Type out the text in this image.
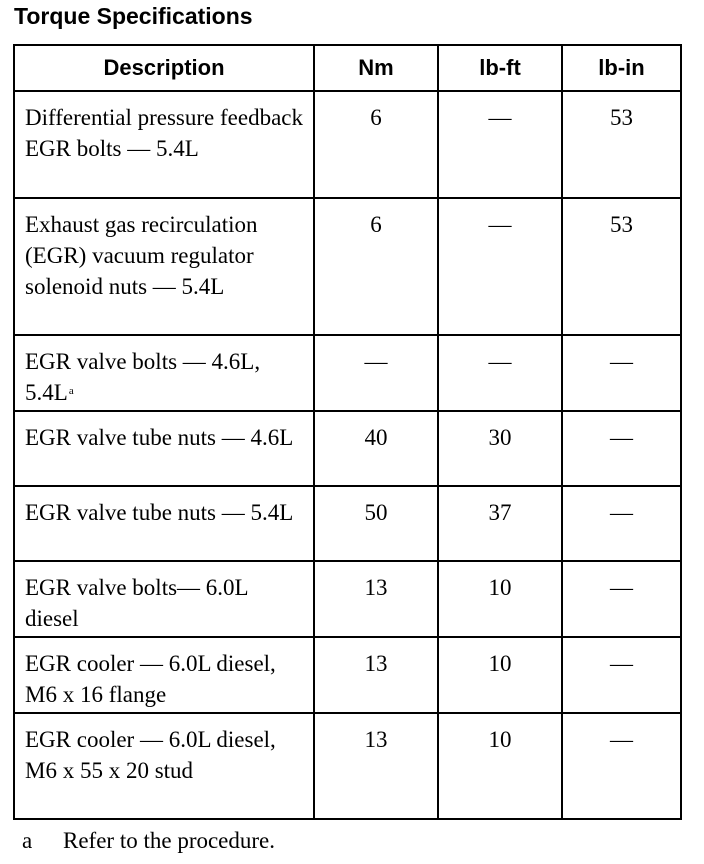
Torque Specifications
Description	Nm	lb-ft	lb-in
Differential pressure feedback EGR bolts — 5.4L	6	—	53
Exhaust gas recirculation (EGR) vacuum regulator solenoid nuts — 5.4L	6	—	53
EGR valve bolts — 4.6L, 5.4L$^a$	—	—	—
EGR valve tube nuts — 4.6L	40	30	—
EGR valve tube nuts — 5.4L	50	37	—
EGR valve bolts— 6.0L diesel	13	10	—
EGR cooler — 6.0L diesel, M6 x 16 flange	13	10	—
EGR cooler — 6.0L diesel, M6 x 55 x 20 stud	13	10	—
a Refer to the procedure.
